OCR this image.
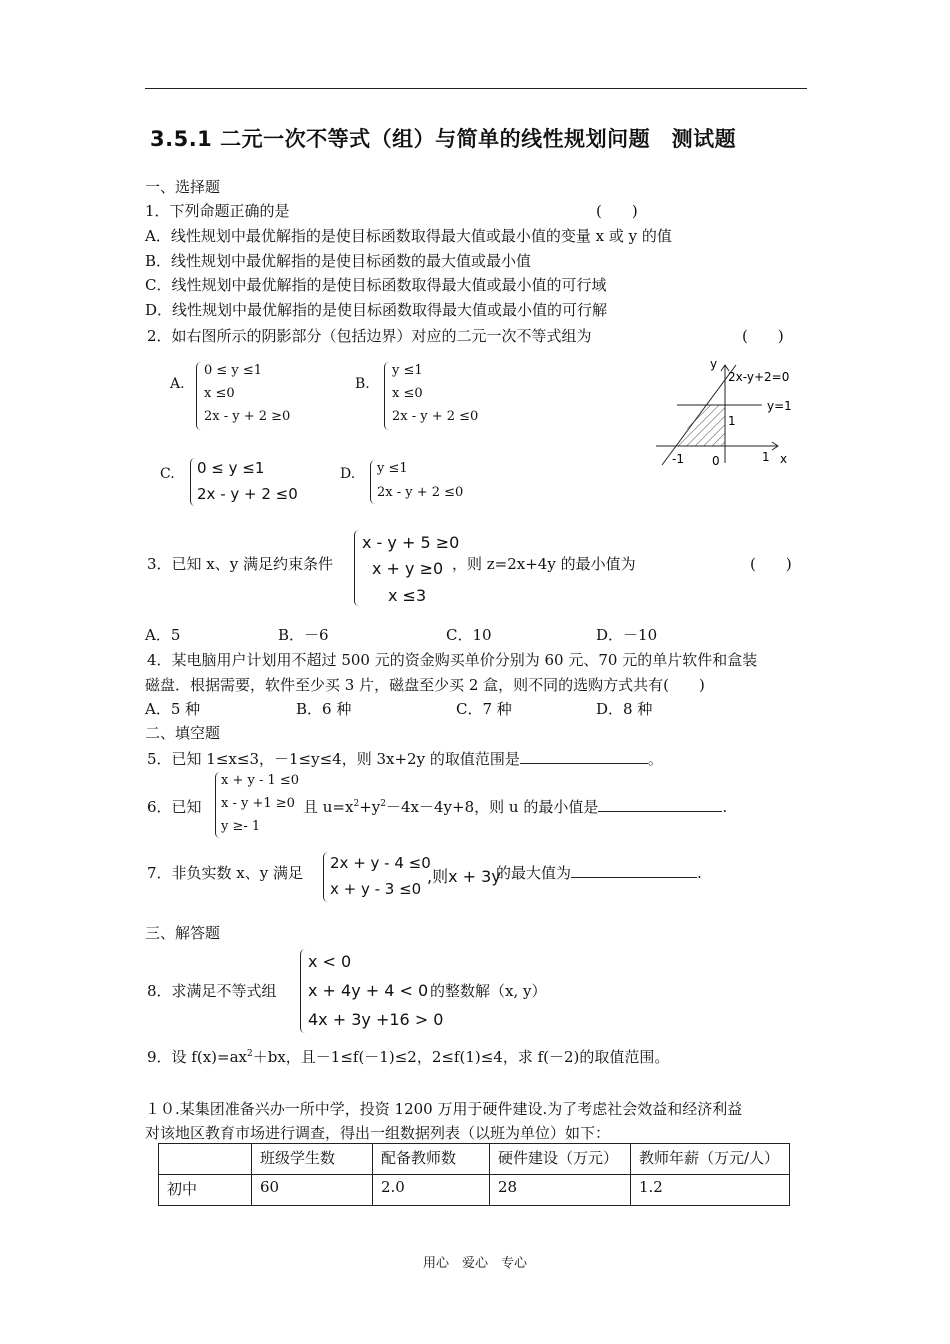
3.5.1 二元一次不等式（组）与简单的线性规划问题　测试题
一、选择题
1．下列命题正确的是	(　　)
A．线性规划中最优解指的是使目标函数取得最大值或最小值的变量 x 或 y 的值
B．线性规划中最优解指的是使目标函数的最大值或最小值
C．线性规划中最优解指的是使目标函数取得最大值或最小值的可行域
D．线性规划中最优解指的是使目标函数取得最大值或最小值的可行解
2．如右图所示的阴影部分（包括边界）对应的二元一次不等式组为	(　　)
A.
0 ≤ y ≤1
x ≤0
2x - y + 2 ≥0
B.
y ≤1
x ≤0
2x - y + 2 ≤0
C. 0 ≤ y ≤1
2x - y + 2 ≤0
D. y ≤1
2x - y + 2 ≤0
y
2x-y+2=0
y=1
1
-1 0	1 x
3．已知 x、y 满足约束条件
x - y + 5 ≥0
x + y ≥0
x ≤3
，则 z=2x+4y 的最小值为	(　　)
A．5	B．－6	C．10	D．－10
4．某电脑用户计划用不超过 500 元的资金购买单价分别为 60 元、70 元的单片软件和盒装
磁盘．根据需要，软件至少买 3 片，磁盘至少买 2 盒，则不同的选购方式共有(　　)
A．5 种	B．6 种	C．7 种	D．8 种
二、填空题
5．已知 1≤x≤3，－1≤y≤4，则 3x+2y 的取值范围是	。
6．已知
x + y - 1 ≤0
x - y +1 ≥0
y ≥- 1
且 $u=x^2+y^2-4x-4y+8$，则 u 的最小值是	.
7．非负实数 x、y 满足
2x + y - 4 ≤0
x + y - 3 ≤0
,则x + 3y
的最大值为	.
三、解答题
8．求满足不等式组
x < 0
x + 4y + 4 < 0
4x + 3y +16 > 0
的整数解（x, y）
9．设 $f(x)=ax^2+bx$，且－1≤f(－1)≤2，2≤f(1)≤4，求 f(－2)的取值范围。
１０.某集团准备兴办一所中学，投资 1200 万用于硬件建设.为了考虑社会效益和经济利益
对该地区教育市场进行调查，得出一组数据列表（以班为单位）如下：
	班级学生数	配备教师数	硬件建设（万元）	教师年薪（万元/人）
初中	60	2.0	28	1.2
用心　爱心　专心
